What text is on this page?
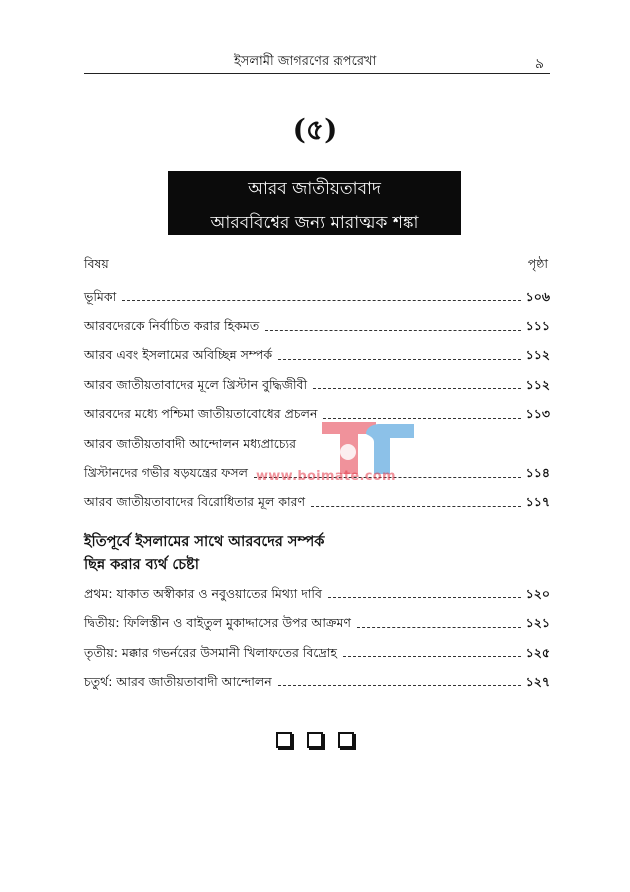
ইসলামী জাগরণের রূপরেখা	৯
(৫)
আরব জাতীয়তাবাদ
আরববিশ্বের জন্য মারাত্মক শঙ্কা
বিষয়	পৃষ্ঠা
ভূমিকা	১০৬
আরবদেরকে নির্বাচিত করার হিকমত	১১১
আরব এবং ইসলামের অবিচ্ছিন্ন সম্পর্ক	১১২
আরব জাতীয়তাবাদের মূলে খ্রিস্টান বুদ্ধিজীবী	১১২
আরবদের মধ্যে পশ্চিমা জাতীয়তাবোধের প্রচলন	১১৩
আরব জাতীয়তাবাদী আন্দোলন মধ্যপ্রাচ্যের
খ্রিস্টানদের গভীর ষড়যন্ত্রের ফসল	১১৪
আরব জাতীয়তাবাদের বিরোধিতার মূল কারণ	১১৭
ইতিপূর্বে ইসলামের সাথে আরবদের সম্পর্ক
ছিন্ন করার ব্যর্থ চেষ্টা
প্রথম: যাকাত অস্বীকার ও নবুওয়াতের মিথ্যা দাবি	১২০
দ্বিতীয়: ফিলিস্তীন ও বাইতুল মুকাদ্দাসের উপর আক্রমণ	১২১
তৃতীয়: মক্কার গভর্নরের উসমানী খিলাফতের বিদ্রোহ	১২৫
চতুর্থ: আরব জাতীয়তাবাদী আন্দোলন	১২৭
www.boimate.com
